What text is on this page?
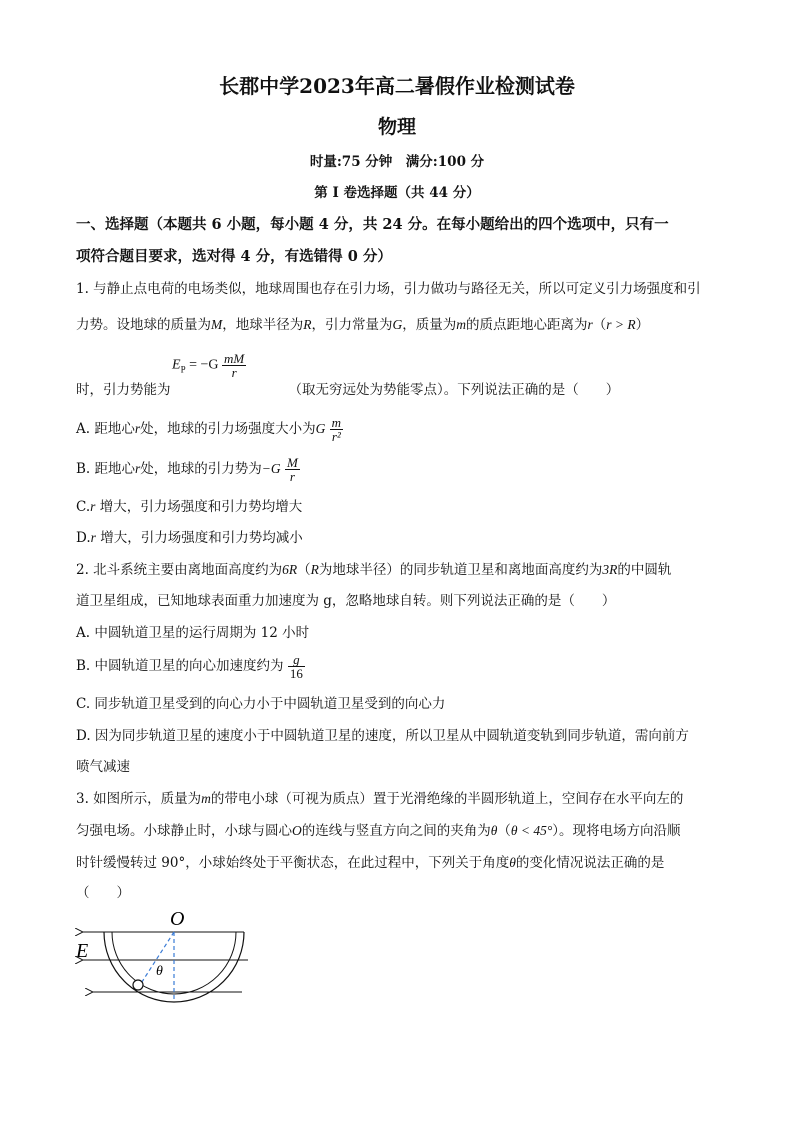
长郡中学2023年高二暑假作业检测试卷
物理
时量:75 分钟　满分:100 分
第 I 卷选择题（共 44 分）
一、选择题（本题共 6 小题，每小题 4 分，共 24 分。在每小题给出的四个选项中，只有一
项符合题目要求，选对得 4 分，有选错得 0 分）
1. 与静止点电荷的电场类似，地球周围也存在引力场，引力做功与路径无关，所以可定义引力场强度和引
力势。设地球的质量为M，地球半径为R，引力常量为G，质量为m的质点距地心距离为r（r > R）
$E_P = -G \frac{mM}{r}$
时，引力势能为	（取无穷远处为势能零点）。下列说法正确的是（　　）
A. 距地心r处，地球的引力场强度大小为G $\frac{m}{\text{r²}}$
B. 距地心r处，地球的引力势为$-G \frac{M}{r}$
C.r 增大，引力场强度和引力势均增大
D.r 增大，引力场强度和引力势均减小
2. 北斗系统主要由离地面高度约为6R（R为地球半径）的同步轨道卫星和离地面高度约为3R的中圆轨
道卫星组成，已知地球表面重力加速度为 g，忽略地球自转。则下列说法正确的是（　　）
A. 中圆轨道卫星的运行周期为 12 小时
B. 中圆轨道卫星的向心加速度约为 $\frac{g}{16}$
C. 同步轨道卫星受到的向心力小于中圆轨道卫星受到的向心力
D. 因为同步轨道卫星的速度小于中圆轨道卫星的速度，所以卫星从中圆轨道变轨到同步轨道，需向前方
喷气减速
3. 如图所示，质量为m的带电小球（可视为质点）置于光滑绝缘的半圆形轨道上，空间存在水平向左的
匀强电场。小球静止时，小球与圆心O的连线与竖直方向之间的夹角为θ（θ < 45°）。现将电场方向沿顺
时针缓慢转过 90°，小球始终处于平衡状态，在此过程中，下列关于角度θ的变化情况说法正确的是
（　　）
O
E
θ
